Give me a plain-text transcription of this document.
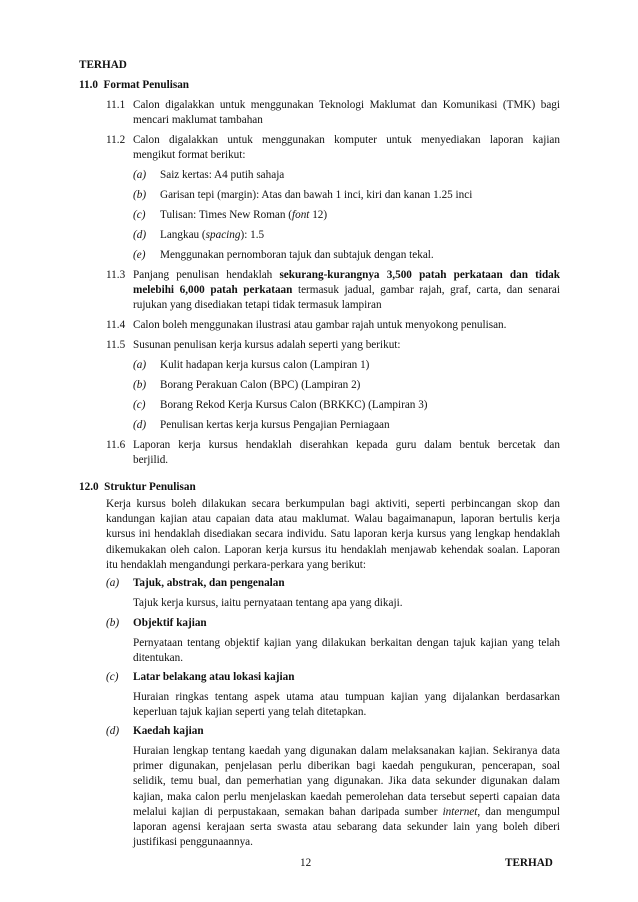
TERHAD
11.0  Format Penulisan
11.1 Calon digalakkan untuk menggunakan Teknologi Maklumat dan Komunikasi (TMK) bagi
mencari maklumat tambahan
11.2 Calon digalakkan untuk menggunakan komputer untuk menyediakan laporan kajian
mengikut format berikut:
(a) Saiz kertas: A4 putih sahaja
(b) Garisan tepi (margin): Atas dan bawah 1 inci, kiri dan kanan 1.25 inci
(c) Tulisan: Times New Roman (font 12)
(d) Langkau (spacing): 1.5
(e) Menggunakan pernomboran tajuk dan subtajuk dengan tekal.
11.3 Panjang penulisan hendaklah sekurang-kurangnya 3,500 patah perkataan dan tidak
melebihi 6,000 patah perkataan termasuk jadual, gambar rajah, graf, carta, dan senarai
rujukan yang disediakan tetapi tidak termasuk lampiran
11.4 Calon boleh menggunakan ilustrasi atau gambar rajah untuk menyokong penulisan.
11.5 Susunan penulisan kerja kursus adalah seperti yang berikut:
(a) Kulit hadapan kerja kursus calon (Lampiran 1)
(b) Borang Perakuan Calon (BPC) (Lampiran 2)
(c) Borang Rekod Kerja Kursus Calon (BRKKC) (Lampiran 3)
(d) Penulisan kertas kerja kursus Pengajian Perniagaan
11.6 Laporan kerja kursus hendaklah diserahkan kepada guru dalam bentuk bercetak dan
berjilid.
12.0  Struktur Penulisan
Kerja kursus boleh dilakukan secara berkumpulan bagi aktiviti, seperti perbincangan skop dan kandungan kajian atau capaian data atau maklumat. Walau bagaimanapun, laporan bertulis kerja kursus ini hendaklah disediakan secara individu. Satu laporan kerja kursus yang lengkap hendaklah dikemukakan oleh calon. Laporan kerja kursus itu hendaklah menjawab kehendak soalan. Laporan itu hendaklah mengandungi perkara-perkara yang berikut:
(a) Tajuk, abstrak, dan pengenalan
Tajuk kerja kursus, iaitu pernyataan tentang apa yang dikaji.
(b) Objektif kajian
Pernyataan tentang objektif kajian yang dilakukan berkaitan dengan tajuk kajian yang telah ditentukan.
(c) Latar belakang atau lokasi kajian
Huraian ringkas tentang aspek utama atau tumpuan kajian yang dijalankan berdasarkan keperluan tajuk kajian seperti yang telah ditetapkan.
(d) Kaedah kajian
Huraian lengkap tentang kaedah yang digunakan dalam melaksanakan kajian. Sekiranya data primer digunakan, penjelasan perlu diberikan bagi kaedah pengukuran, pencerapan, soal selidik, temu bual, dan pemerhatian yang digunakan. Jika data sekunder digunakan dalam kajian, maka calon perlu menjelaskan kaedah pemerolehan data tersebut seperti capaian data melalui kajian di perpustakaan, semakan bahan daripada sumber internet, dan mengumpul laporan agensi kerajaan serta swasta atau sebarang data sekunder lain yang boleh diberi justifikasi penggunaannya.
12	TERHAD
